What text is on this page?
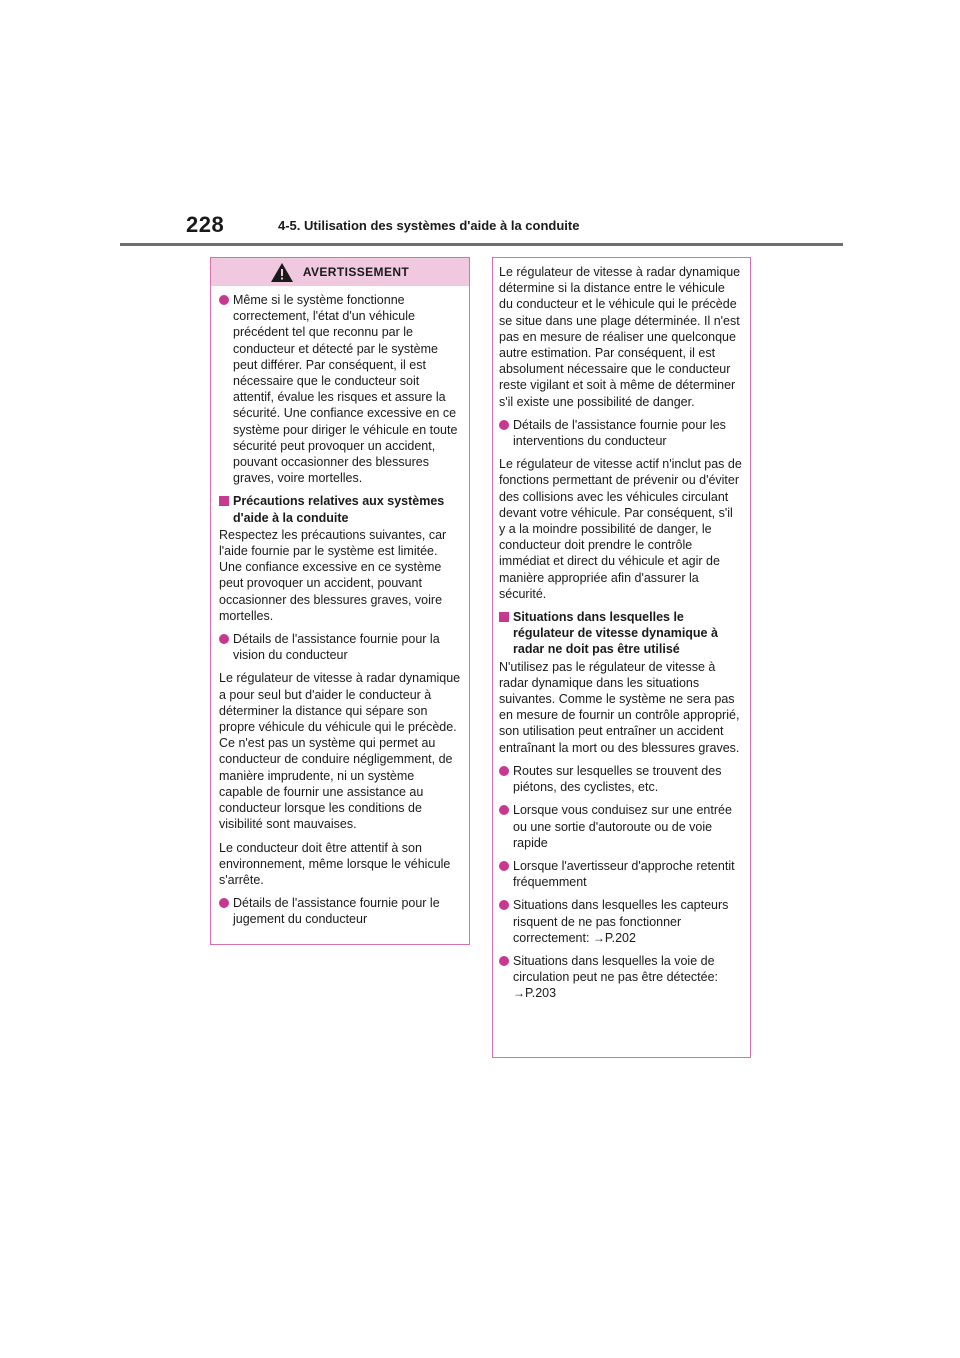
228	4-5. Utilisation des systèmes d'aide à la conduite
AVERTISSEMENT
Même si le système fonctionne correctement, l'état d'un véhicule précédent tel que reconnu par le conducteur et détecté par le système peut différer. Par conséquent, il est nécessaire que le conducteur soit attentif, évalue les risques et assure la sécurité. Une confiance excessive en ce système pour diriger le véhicule en toute sécurité peut provoquer un accident, pouvant occasionner des blessures graves, voire mortelles.
Précautions relatives aux systèmes d'aide à la conduite

Respectez les précautions suivantes, car l'aide fournie par le système est limitée. Une confiance excessive en ce système peut provoquer un accident, pouvant occasionner des blessures graves, voire mortelles.

Détails de l'assistance fournie pour la vision du conducteur

Le régulateur de vitesse à radar dynamique a pour seul but d'aider le conducteur à déterminer la distance qui sépare son propre véhicule du véhicule qui le précède. Ce n'est pas un système qui permet au conducteur de conduire négligemment, de manière imprudente, ni un système capable de fournir une assistance au conducteur lorsque les conditions de visibilité sont mauvaises.

Le conducteur doit être attentif à son environnement, même lorsque le véhicule s'arrête.

Détails de l'assistance fournie pour le jugement du conducteur

Le régulateur de vitesse à radar dynamique détermine si la distance entre le véhicule du conducteur et le véhicule qui le précède se situe dans une plage déterminée. Il n'est pas en mesure de réaliser une quelconque autre estimation. Par conséquent, il est absolument nécessaire que le conducteur reste vigilant et soit à même de déterminer s'il existe une possibilité de danger.

Détails de l'assistance fournie pour les interventions du conducteur

Le régulateur de vitesse actif n'inclut pas de fonctions permettant de prévenir ou d'éviter des collisions avec les véhicules circulant devant votre véhicule. Par conséquent, s'il y a la moindre possibilité de danger, le conducteur doit prendre le contrôle immédiat et direct du véhicule et agir de manière appropriée afin d'assurer la sécurité.

Situations dans lesquelles le régulateur de vitesse dynamique à radar ne doit pas être utilisé

N'utilisez pas le régulateur de vitesse à radar dynamique dans les situations suivantes. Comme le système ne sera pas en mesure de fournir un contrôle approprié, son utilisation peut entraîner un accident entraînant la mort ou des blessures graves.

Routes sur lesquelles se trouvent des piétons, des cyclistes, etc.
Lorsque vous conduisez sur une entrée ou une sortie d'autoroute ou de voie rapide
Lorsque l'avertisseur d'approche retentit fréquemment
Situations dans lesquelles les capteurs risquent de ne pas fonctionner correctement: →P.202
Situations dans lesquelles la voie de circulation peut ne pas être détectée: →P.203
